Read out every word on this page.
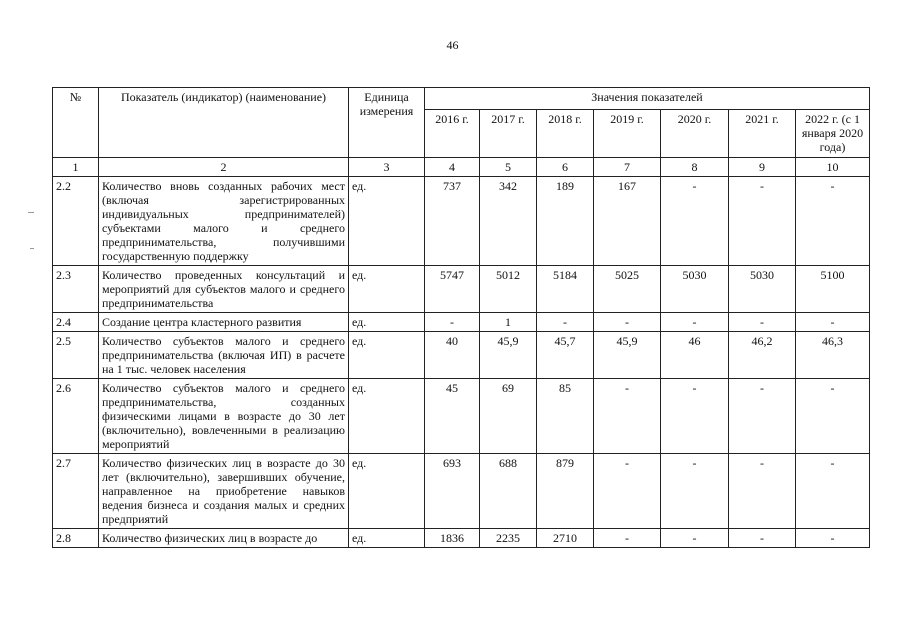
46
№	Показатель (индикатор) (наименование)	Единица измерения	Значения показателей						
			2016 г.	2017 г.	2018 г.	2019 г.	2020 г.	2021 г.	2022 г. (с 1 января 2020 года)
1	2	3	4	5	6	7	8	9	10
2.2	Количество вновь созданных рабочих мест (включая зарегистрированных индивидуальных предпринимателей) субъектами малого и среднего предпринимательства, получившими государственную поддержку	ед.	737	342	189	167	-	-	-
2.3	Количество проведенных консультаций и мероприятий для субъектов малого и среднего предпринимательства	ед.	5747	5012	5184	5025	5030	5030	5100
2.4	Создание центра кластерного развития	ед.	-	1	-	-	-	-	-
2.5	Количество субъектов малого и среднего предпринимательства (включая ИП) в расчете на 1 тыс. человек населения	ед.	40	45,9	45,7	45,9	46	46,2	46,3
2.6	Количество субъектов малого и среднего предпринимательства, созданных физическими лицами в возрасте до 30 лет (включительно), вовлеченными в реализацию мероприятий	ед.	45	69	85	-	-	-	-
2.7	Количество физических лиц в возрасте до 30 лет (включительно), завершивших обучение, направленное на приобретение навыков ведения бизнеса и создания малых и средних предприятий	ед.	693	688	879	-	-	-	-
2.8	Количество физических лиц в возрасте до	ед.	1836	2235	2710	-	-	-	-
